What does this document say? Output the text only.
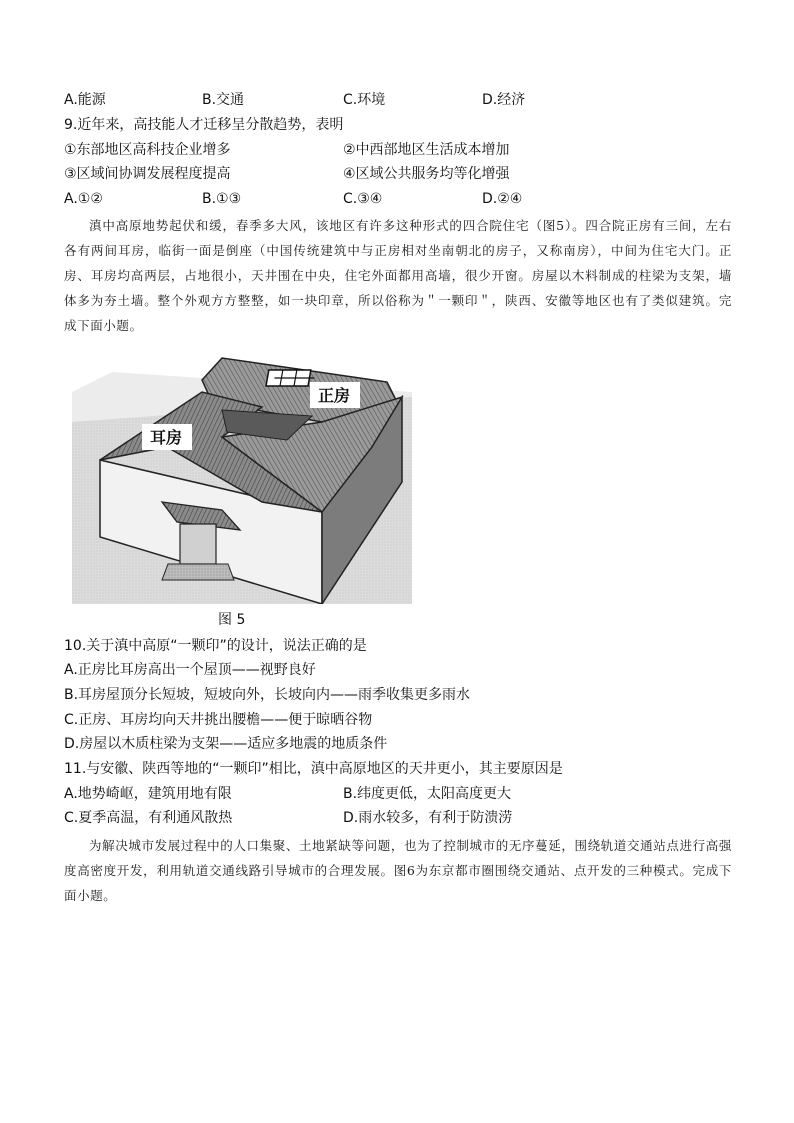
A.能源	B.交通	C.环境	D.经济
9.近年来，高技能人才迁移呈分散趋势，表明
①东部地区高科技企业增多	②中西部地区生活成本增加
③区域间协调发展程度提高	④区域公共服务均等化增强
A.①②	B.①③	C.③④	D.②④

滇中高原地势起伏和缓，春季多大风，该地区有许多这种形式的四合院住宅（图5）。四合院正房有三间，左右各有两间耳房，临街一面是倒座（中国传统建筑中与正房相对坐南朝北的房子，又称南房），中间为住宅大门。正房、耳房均高两层，占地很小，天井围在中央，住宅外面都用高墙，很少开窗。房屋以木料制成的柱梁为支架，墙体多为夯土墙。整个外观方方整整，如一块印章，所以俗称为＂一颗印＂，陕西、安徽等地区也有了类似建筑。完成下面小题。

正房
耳房
图 5
10.关于滇中高原“一颗印”的设计，说法正确的是
A.正房比耳房高出一个屋顶——视野良好
B.耳房屋顶分长短坡，短坡向外，长坡向内——雨季收集更多雨水
C.正房、耳房均向天井挑出腰檐——便于晾晒谷物
D.房屋以木质柱梁为支架——适应多地震的地质条件
11.与安徽、陕西等地的“一颗印”相比，滇中高原地区的天井更小，其主要原因是
A.地势崎岖，建筑用地有限	B.纬度更低，太阳高度更大
C.夏季高温，有利通风散热	D.雨水较多，有利于防溃涝

为解决城市发展过程中的人口集聚、土地紧缺等问题，也为了控制城市的无序蔓延，围绕轨道交通站点进行高强度高密度开发，利用轨道交通线路引导城市的合理发展。图6为东京都市圈围绕交通站、点开发的三种模式。完成下面小题。
